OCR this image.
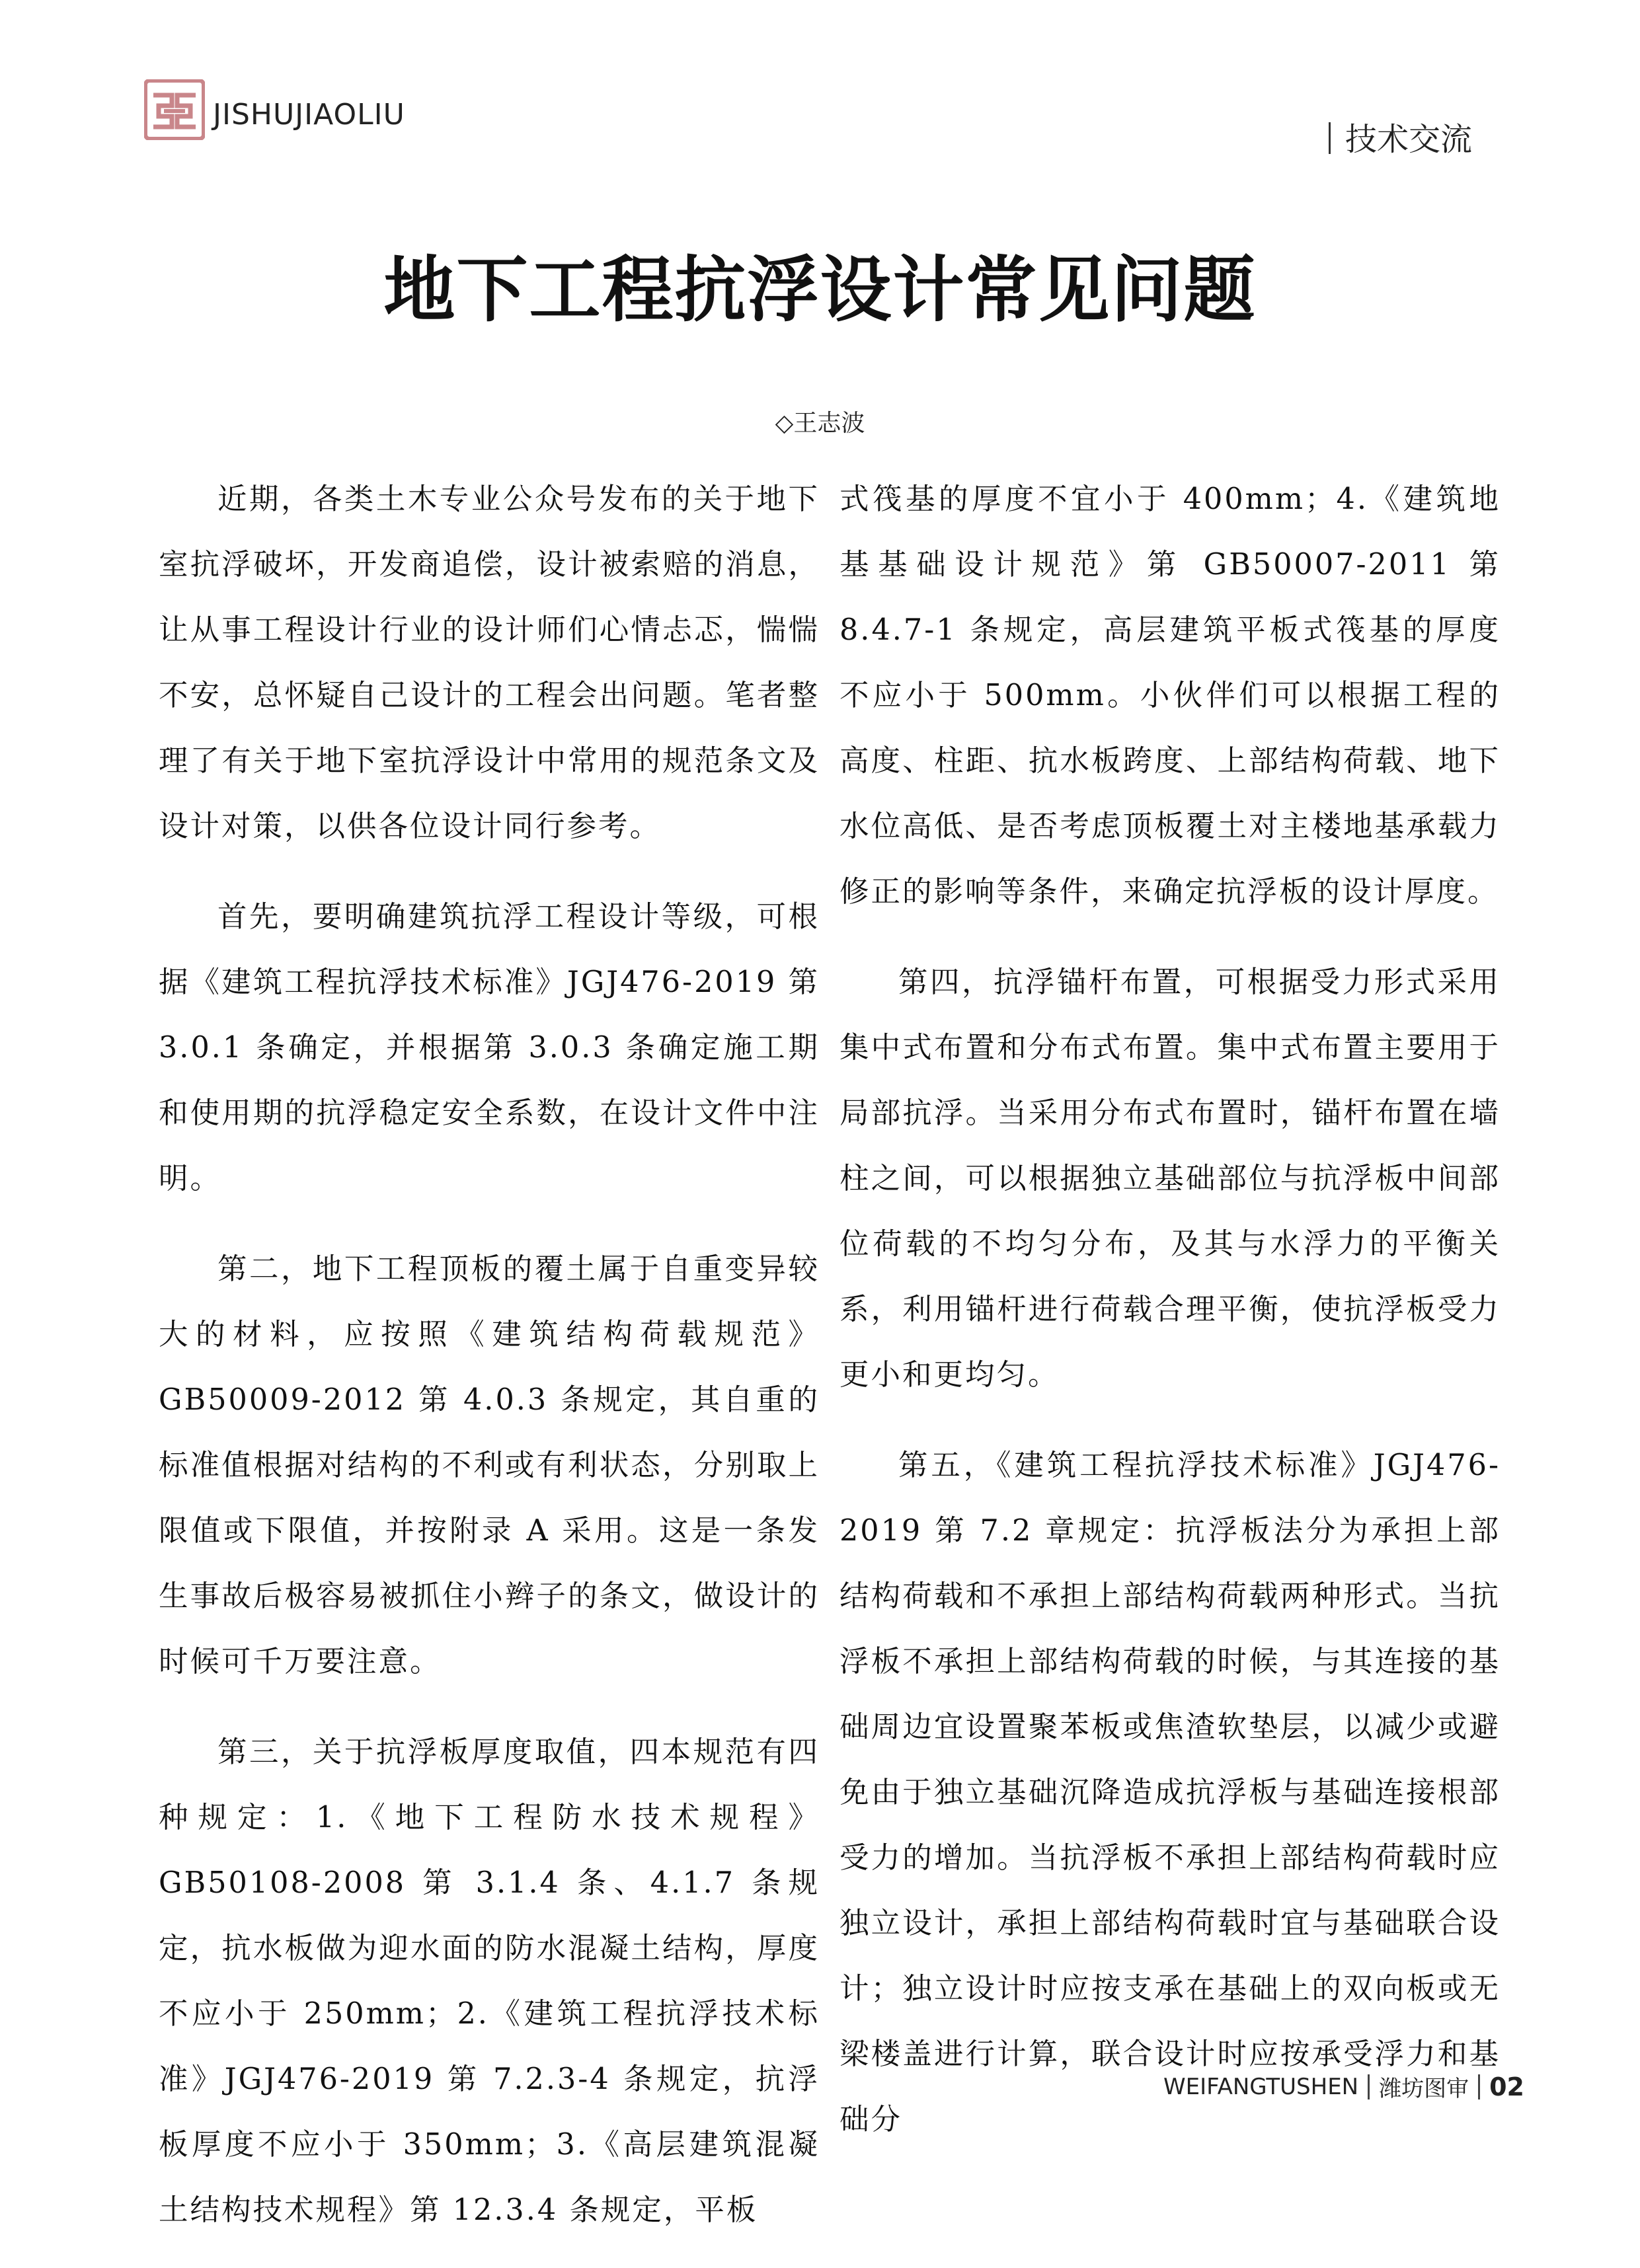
JISHUJIAOLIU
技术交流
地下工程抗浮设计常见问题
◇王志波

近期，各类土木专业公众号发布的关于地下室抗浮破坏，开发商追偿，设计被索赔的消息，让从事工程设计行业的设计师们心情忐忑，惴惴不安，总怀疑自己设计的工程会出问题。笔者整理了有关于地下室抗浮设计中常用的规范条文及设计对策，以供各位设计同行参考。

首先，要明确建筑抗浮工程设计等级，可根据《建筑工程抗浮技术标准》JGJ476-2019 第 3.0.1 条确定，并根据第 3.0.3 条确定施工期和使用期的抗浮稳定安全系数，在设计文件中注明。

第二，地下工程顶板的覆土属于自重变异较大的材料，应按照《建筑结构荷载规范》GB50009-2012 第 4.0.3 条规定，其自重的标准值根据对结构的不利或有利状态，分别取上限值或下限值，并按附录 A 采用。这是一条发生事故后极容易被抓住小辫子的条文，做设计的时候可千万要注意。

第三，关于抗浮板厚度取值，四本规范有四种规定：1.《地下工程防水技术规程》GB50108-2008 第 3.1.4 条、4.1.7 条规定，抗水板做为迎水面的防水混凝土结构，厚度不应小于 250mm；2.《建筑工程抗浮技术标准》JGJ476-2019 第 7.2.3-4 条规定，抗浮板厚度不应小于 350mm；3.《高层建筑混凝土结构技术规程》第 12.3.4 条规定，平板

式筏基的厚度不宜小于 400mm；4.《建筑地基基础设计规范》第 GB50007-2011 第 8.4.7-1 条规定，高层建筑平板式筏基的厚度不应小于 500mm。小伙伴们可以根据工程的高度、柱距、抗水板跨度、上部结构荷载、地下水位高低、是否考虑顶板覆土对主楼地基承载力修正的影响等条件，来确定抗浮板的设计厚度。

第四，抗浮锚杆布置，可根据受力形式采用集中式布置和分布式布置。集中式布置主要用于局部抗浮。当采用分布式布置时，锚杆布置在墙柱之间，可以根据独立基础部位与抗浮板中间部位荷载的不均匀分布，及其与水浮力的平衡关系，利用锚杆进行荷载合理平衡，使抗浮板受力更小和更均匀。

第五，《建筑工程抗浮技术标准》JGJ476-2019 第 7.2 章规定：抗浮板法分为承担上部结构荷载和不承担上部结构荷载两种形式。当抗浮板不承担上部结构荷载的时候，与其连接的基础周边宜设置聚苯板或焦渣软垫层，以减少或避免由于独立基础沉降造成抗浮板与基础连接根部受力的增加。当抗浮板不承担上部结构荷载时应独立设计，承担上部结构荷载时宜与基础联合设计；独立设计时应按支承在基础上的双向板或无梁楼盖进行计算，联合设计时应按承受浮力和基础分

WEIFANGTUSHEN 潍坊图审 02
